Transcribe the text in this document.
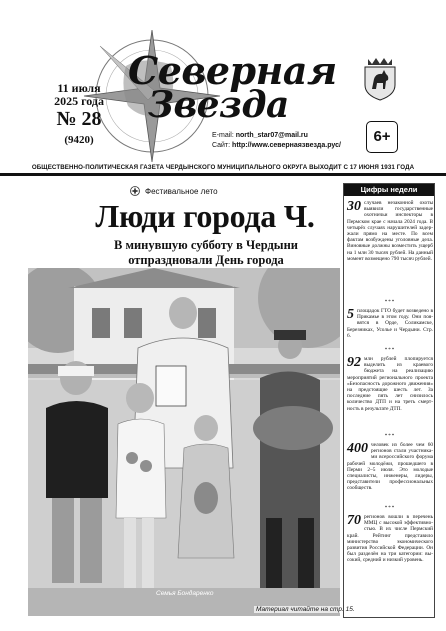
Северная
Звезда
11 июля
2025 года
№ 28
(9420)	E-mail: north_star07@mail.ru
Сайт: http://www.севернаязвезда.рус/
6+
ОБЩЕСТВЕННО-ПОЛИТИЧЕСКАЯ ГАЗЕТА ЧЕРДЫНСКОГО МУНИЦИПАЛЬНОГО ОКРУГА ВЫХОДИТ С 17 ИЮНЯ 1931 ГОДА
Фестивальное лето
Люди города Ч.
В минувшую субботу в Чердыни
отпраздновали День города
Семья Бондаренко
Материал читайте на стр. 15.
Цифры недели
30 случаев незаконной охоты выявили государственные охотничьи инспекторы в Пермском крае с начала 2024 года. В четырёх случаях нарушителей задержали прямо на месте. По всем фактам возбуждены уголовные дела. Виновные должны возместить ущерб на 1 млн 30 тысяч рублей. На данный момент возмещено 790 тысяч рублей.
***
5 площадок ГТО будет возведено в Прикамье в этом году. Они появятся в Орде, Соликамске, Березниках, Усолье и Чердыни. Стр. 6.
***
92 млн рублей плопируется выделить из краевого бюджета на реализацию мероприятий регионального проекта «Безопасность дорожного движения» на предстоящие шесть лет. За последние пять лет снизилось количество ДТП и на треть смертность в результате ДТП.
***
400 человек из более чем 60 регионов стали участниками всероссийского форума рабочей молодёжи, прошедшего в Перми 2–5 июля. Это молодые специалисты, инженеры, лидеры, представители профессиональных сообществ.
***
70 регионов вошли в перечень ММЦ с высокой эффективностью. В их числе Пермский край. Рейтинг представило министерство экономического развития Российской Федерации. Он был разделён на три категории: высокий, средний и низкий уровень.
